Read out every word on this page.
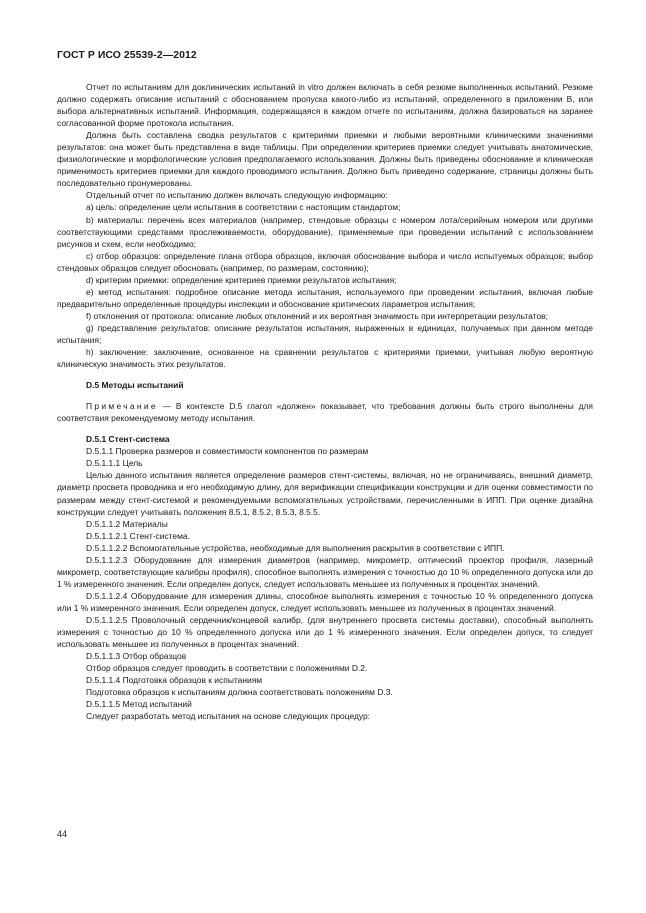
ГОСТ Р ИСО 25539-2—2012

Отчет по испытаниям для доклинических испытаний in vitro должен включать в себя резюме выполненных испытаний. Резюме должно содержать описание испытаний с обоснованием пропуска какого-либо из испытаний, определенного в приложении В, или выбора альтернативных испытаний. Информация, содержащаяся в каждом отчете по испытаниям, должна базироваться на заранее согласованной форме протокола испытания.

Должна быть составлена сводка результатов с критериями приемки и любыми вероятными клиническими значениями результатов: она может быть представлена в виде таблицы. При определении критериев приемки следует учитывать анатомические, физиологические и морфологические условия предполагаемого использования. Должны быть приведены обоснование и клиническая применимость критериев приемки для каждого проводимого испытания. Должно быть приведено содержание, страницы должны быть последовательно пронумерованы.

Отдельный отчет по испытанию должен включать следующую информацию:

а) цель: определение цели испытания в соответствии с настоящим стандартом;

b) материалы: перечень всех материалов (например, стендовые образцы с номером лота/серийным номером или другими соответствующими средствами прослеживаемости, оборудование), применяемые при проведении испытаний с использованием рисунков и схем, если необходимо;

с) отбор образцов: определение плана отбора образцов, включая обоснование выбора и число испытуемых образцов; выбор стендовых образцов следует обосновать (например, по размерам, состоянию);

d) критерии приемки: определение критериев приемки результатов испытания;

е) метод испытания: подробное описание метода испытания, используемого при проведении испытания, включая любые предварительно определенные процедуры инспекции и обоснование критических параметров испытания;

f) отклонения от протокола: описание любых отклонений и их вероятная значимость при интерпретации результатов;

g) представление результатов: описание результатов испытания, выраженных в единицах, получаемых при данном методе испытания;

h) заключение: заключение, основанное на сравнении результатов с критериями приемки, учитывая любую вероятную клиническую значимость этих результатов.

D.5 Методы испытаний

Примечание — В контексте D.5 глагол «должен» показывает, что требования должны быть строго выполнены для соответствия рекомендуемому методу испытания.

D.5.1 Стент-система

D.5.1.1 Проверка размеров и совместимости компонентов по размерам

D.5.1.1.1 Цель

Целью данного испытания является определение размеров стент-системы, включая, но не ограничиваясь, внешний диаметр, диаметр просвета проводника и его необходимую длину, для верификации спецификации конструкции и для оценки совместимости по размерам между стент-системой и рекомендуемыми вспомогательных устройствами, перечисленными в ИПП. При оценке дизайна конструкции следует учитывать положения 8.5.1, 8.5.2, 8.5.3, 8.5.5.

D.5.1.1.2 Материалы

D.5.1.1.2.1 Стент-система.

D.5.1.1.2.2 Вспомогательные устройства, необходимые для выполнения раскрытия в соответствии с ИПП.

D.5.1.1.2.3 Оборудование для измерения диаметров (например, микрометр, оптический проектор профиля, лазерный микрометр, соответствующие калибры профиля), способное выполнять измерения с точностью до 10 % определенного допуска или до 1 % измеренного значения. Если определен допуск, следует использовать меньшее из полученных в процентах значений.

D.5.1.1.2.4 Оборудование для измерения длины, способное выполнять измерения с точностью 10 % определенного допуска или 1 % измеренного значения. Если определен допуск, следует использовать меньшее из полученных в процентах значений.

D.5.1.1.2.5 Проволочный сердечник/концевой калибр, (для внутреннего просвета системы доставки), способный выполнять измерения с точностью до 10 % определенного допуска или до 1 % измеренного значения. Если определен допуск, то следует использовать меньшее из полученных в процентах значений.

D.5.1.1.3 Отбор образцов

Отбор образцов следует проводить в соответствии с положениями D.2.

D.5.1.1.4 Подготовка образцов к испытаниям

Подготовка образцов к испытаниям должна соответствовать положениям D.3.

D.5.1.1.5 Метод испытаний

Следует разработать метод испытания на основе следующих процедур:

44
